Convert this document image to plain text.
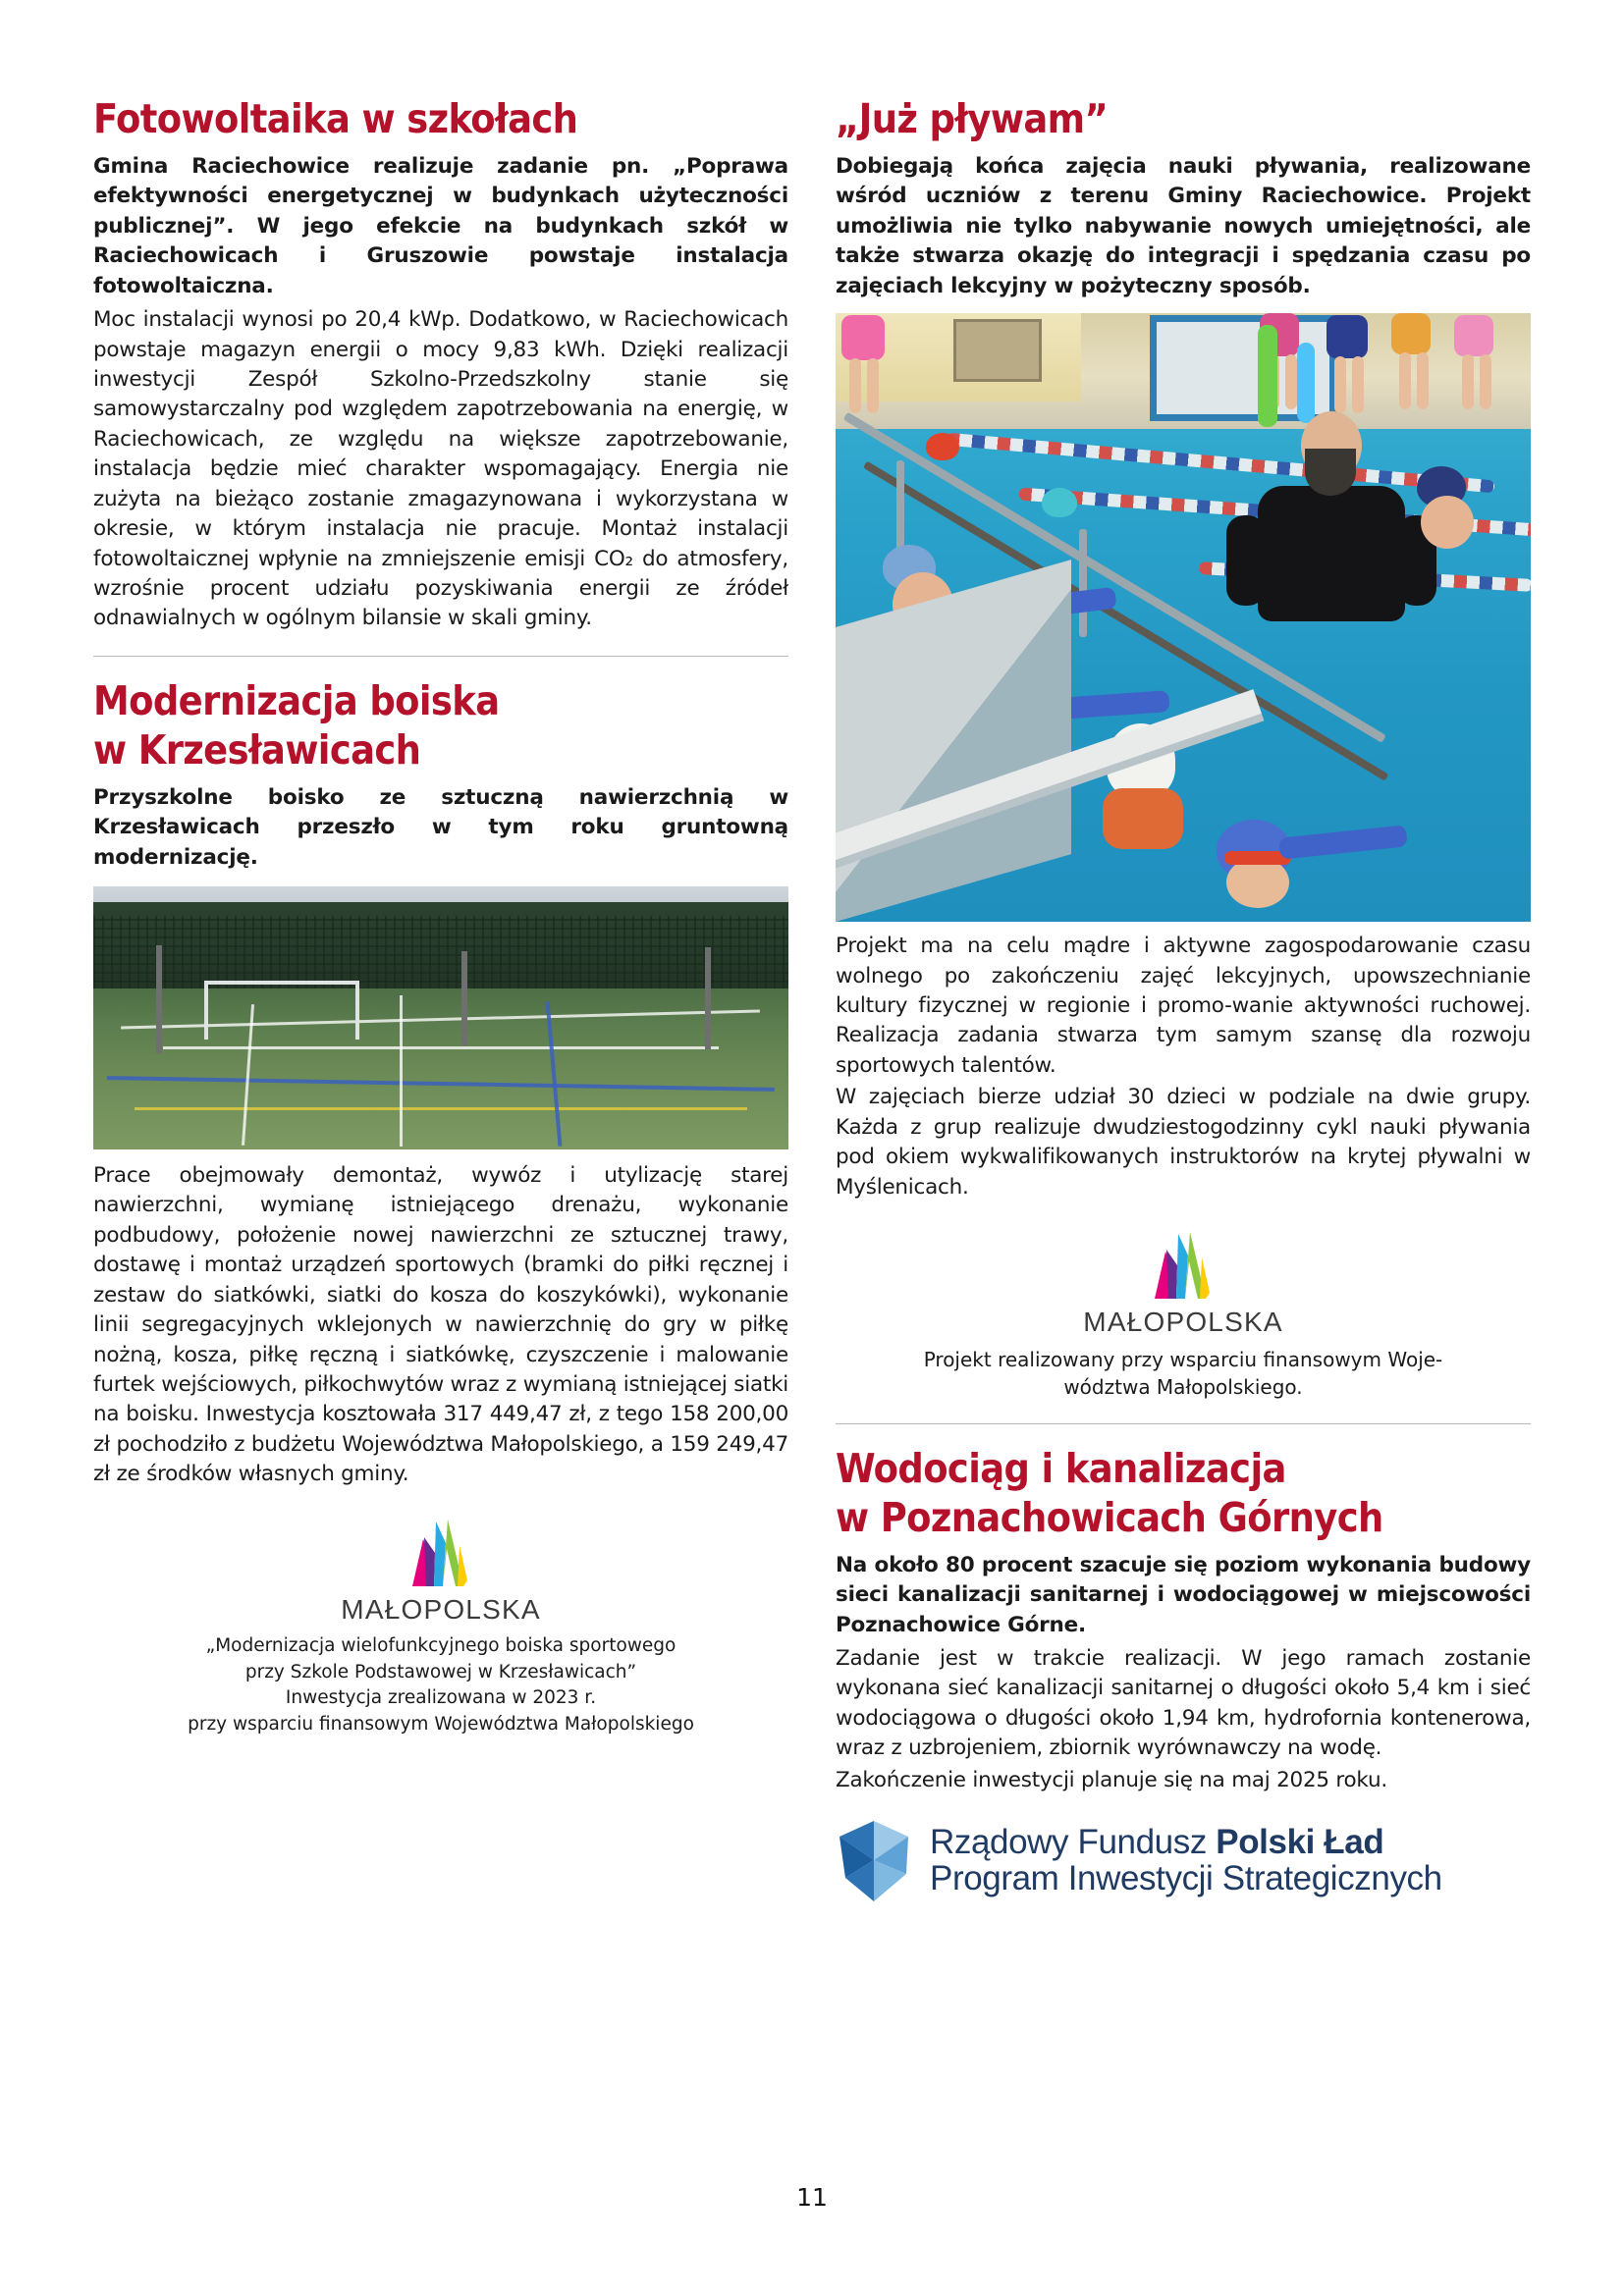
Fotowoltaika w szkołach

Gmina Raciechowice realizuje zadanie pn. „Poprawa efektywności energetycznej w budynkach użyteczności publicznej”. W jego efekcie na budynkach szkół w Raciechowicach i Gruszowie powstaje instalacja fotowoltaiczna.

Moc instalacji wynosi po 20,4 kWp. Dodatkowo, w Raciechowicach powstaje magazyn energii o mocy 9,83 kWh. Dzięki realizacji inwestycji Zespół Szkolno-Przedszkolny stanie się samowystarczalny pod względem zapotrzebowania na energię, w Raciechowicach, ze względu na większe zapotrzebowanie, instalacja będzie mieć charakter wspomagający. Energia nie zużyta na bieżąco zostanie zmagazynowana i wykorzystana w okresie, w którym instalacja nie pracuje. Montaż instalacji fotowoltaicznej wpłynie na zmniejszenie emisji CO₂ do atmosfery, wzrośnie procent udziału pozyskiwania energii ze źródeł odnawialnych w ogólnym bilansie w skali gminy.

Modernizacja boiska
w Krzesławicach

Przyszkolne boisko ze sztuczną nawierzchnią w Krzesławicach przeszło w tym roku gruntowną modernizację.

Prace obejmowały demontaż, wywóz i utylizację starej nawierzchni, wymianę istniejącego drenażu, wykonanie podbudowy, położenie nowej nawierzchni ze sztucznej trawy, dostawę i montaż urządzeń sportowych (bramki do piłki ręcznej i zestaw do siatkówki, siatki do kosza do koszykówki), wykonanie linii segregacyjnych wklejonych w nawierzchnię do gry w piłkę nożną, kosza, piłkę ręczną i siatkówkę, czyszczenie i malowanie furtek wejściowych, piłkochwytów wraz z wymianą istniejącej siatki na boisku. Inwestycja kosztowała 317 449,47 zł, z tego 158 200,00 zł pochodziło z budżetu Województwa Małopolskiego, a 159 249,47 zł ze środków własnych gminy.

MAŁOPOLSKA

„Modernizacja wielofunkcyjnego boiska sportowego
przy Szkole Podstawowej w Krzesławicach”
Inwestycja zrealizowana w 2023 r.
przy wsparciu finansowym Województwa Małopolskiego

„Już pływam”

Dobiegają końca zajęcia nauki pływania, realizowane wśród uczniów z terenu Gminy Raciechowice. Projekt umożliwia nie tylko nabywanie nowych umiejętności, ale także stwarza okazję do integracji i spędzania czasu po zajęciach lekcyjny w pożyteczny sposób.

Projekt ma na celu mądre i aktywne zagospodarowanie czasu wolnego po zakończeniu zajęć lekcyjnych, upowszechnianie kultury fizycznej w regionie i promo-wanie aktywności ruchowej. Realizacja zadania stwarza tym samym szansę dla rozwoju sportowych talentów.

W zajęciach bierze udział 30 dzieci w podziale na dwie grupy. Każda z grup realizuje dwudziestogodzinny cykl nauki pływania pod okiem wykwalifikowanych instruktorów na krytej pływalni w Myślenicach.

MAŁOPOLSKA

Projekt realizowany przy wsparciu finansowym Woje-
wództwa Małopolskiego.

Wodociąg i kanalizacja
w Poznachowicach Górnych

Na około 80 procent szacuje się poziom wykonania budowy sieci kanalizacji sanitarnej i wodociągowej w miejscowości Poznachowice Górne.

Zadanie jest w trakcie realizacji. W jego ramach zostanie wykonana sieć kanalizacji sanitarnej o długości około 5,4 km i sieć wodociągowa o długości około 1,94 km, hydrofornia kontenerowa, wraz z uzbrojeniem, zbiornik wyrównawczy na wodę.

Zakończenie inwestycji planuje się na maj 2025 roku.

Rządowy Fundusz Polski Ład
Program Inwestycji Strategicznych
11
